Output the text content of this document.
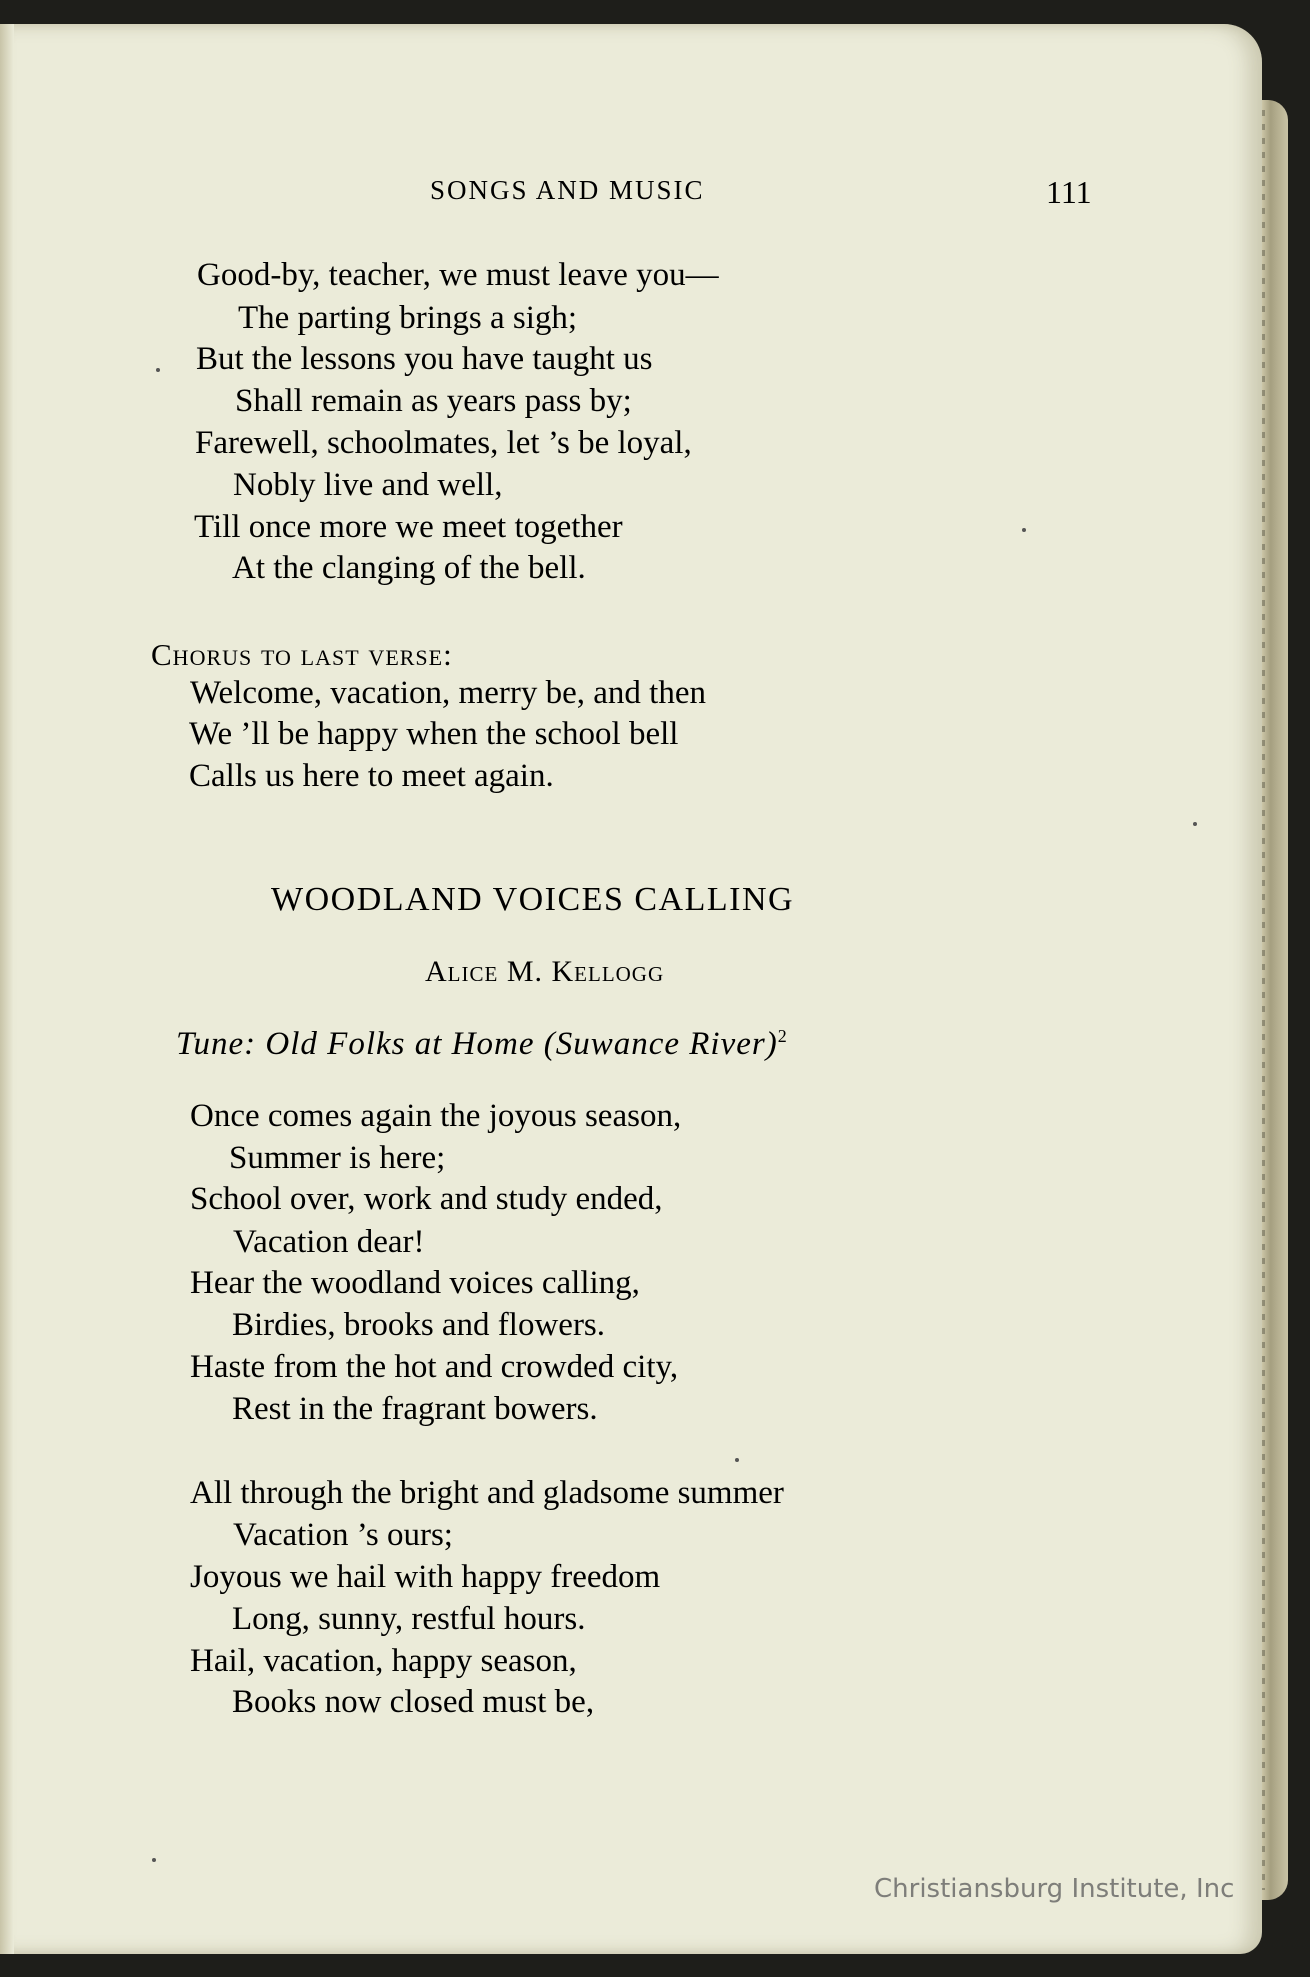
SONGS AND MUSIC	111
Good-by, teacher, we must leave you—
The parting brings a sigh;
But the lessons you have taught us
Shall remain as years pass by;
Farewell, schoolmates, let ’s be loyal,
Nobly live and well,
Till once more we meet together
At the clanging of the bell.
Chorus to last verse:
Welcome, vacation, merry be, and then
We ’ll be happy when the school bell
Calls us here to meet again.
WOODLAND VOICES CALLING
Alice M. Kellogg
Tune: Old Folks at Home (Suwance River)$^2$
Once comes again the joyous season,
Summer is here;
School over, work and study ended,
Vacation dear!
Hear the woodland voices calling,
Birdies, brooks and flowers.
Haste from the hot and crowded city,
Rest in the fragrant bowers.
All through the bright and gladsome summer
Vacation ’s ours;
Joyous we hail with happy freedom
Long, sunny, restful hours.
Hail, vacation, happy season,
Books now closed must be,
Christiansburg Institute, Inc
